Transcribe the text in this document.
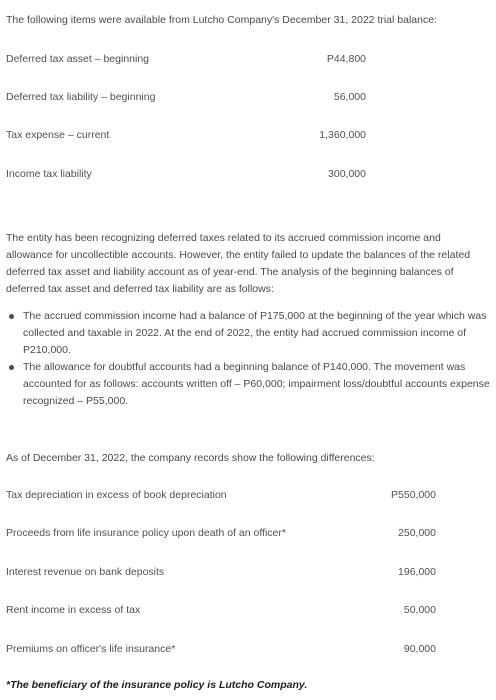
The following items were available from Lutcho Company's December 31, 2022 trial balance:
Deferred tax asset – beginning	P44,800
Deferred tax liability – beginning	56,000
Tax expense – current	1,360,000
Income tax liability	300,000
The entity has been recognizing deferred taxes related to its accrued commission income and allowance for uncollectible accounts. However, the entity failed to update the balances of the related deferred tax asset and liability account as of year-end. The analysis of the beginning balances of deferred tax asset and deferred tax liability are as follows:
The accrued commission income had a balance of P175,000 at the beginning of the year which was collected and taxable in 2022. At the end of 2022, the entity had accrued commission income of P210,000.
The allowance for doubtful accounts had a beginning balance of P140,000. The movement was accounted for as follows: accounts written off – P60,000; impairment loss/doubtful accounts expense recognized – P55,000.
As of December 31, 2022, the company records show the following differences:
Tax depreciation in excess of book depreciation	P550,000
Proceeds from life insurance policy upon death of an officer*	250,000
Interest revenue on bank deposits	196,000
Rent income in excess of tax	50,000
Premiums on officer's life insurance*	90,000
*The beneficiary of the insurance policy is Lutcho Company.
